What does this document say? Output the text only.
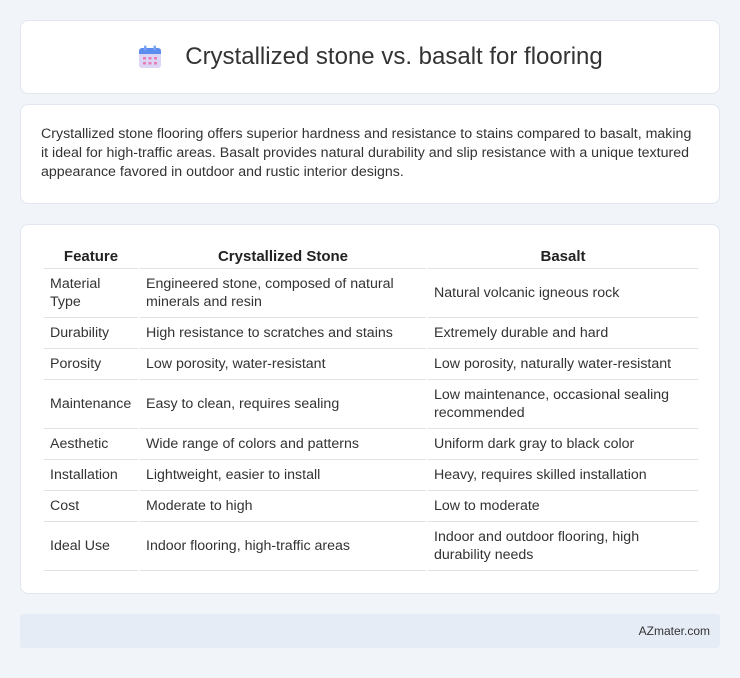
Crystallized stone vs. basalt for flooring

Crystallized stone flooring offers superior hardness and resistance to stains compared to basalt, making it ideal for high-traffic areas. Basalt provides natural durability and slip resistance with a unique textured appearance favored in outdoor and rustic interior designs.

Feature	Crystallized Stone	Basalt
Material Type	Engineered stone, composed of natural minerals and resin	Natural volcanic igneous rock
Durability	High resistance to scratches and stains	Extremely durable and hard
Porosity	Low porosity, water-resistant	Low porosity, naturally water-resistant
Maintenance	Easy to clean, requires sealing	Low maintenance, occasional sealing recommended
Aesthetic	Wide range of colors and patterns	Uniform dark gray to black color
Installation	Lightweight, easier to install	Heavy, requires skilled installation
Cost	Moderate to high	Low to moderate
Ideal Use	Indoor flooring, high-traffic areas	Indoor and outdoor flooring, high durability needs
AZmater.com
